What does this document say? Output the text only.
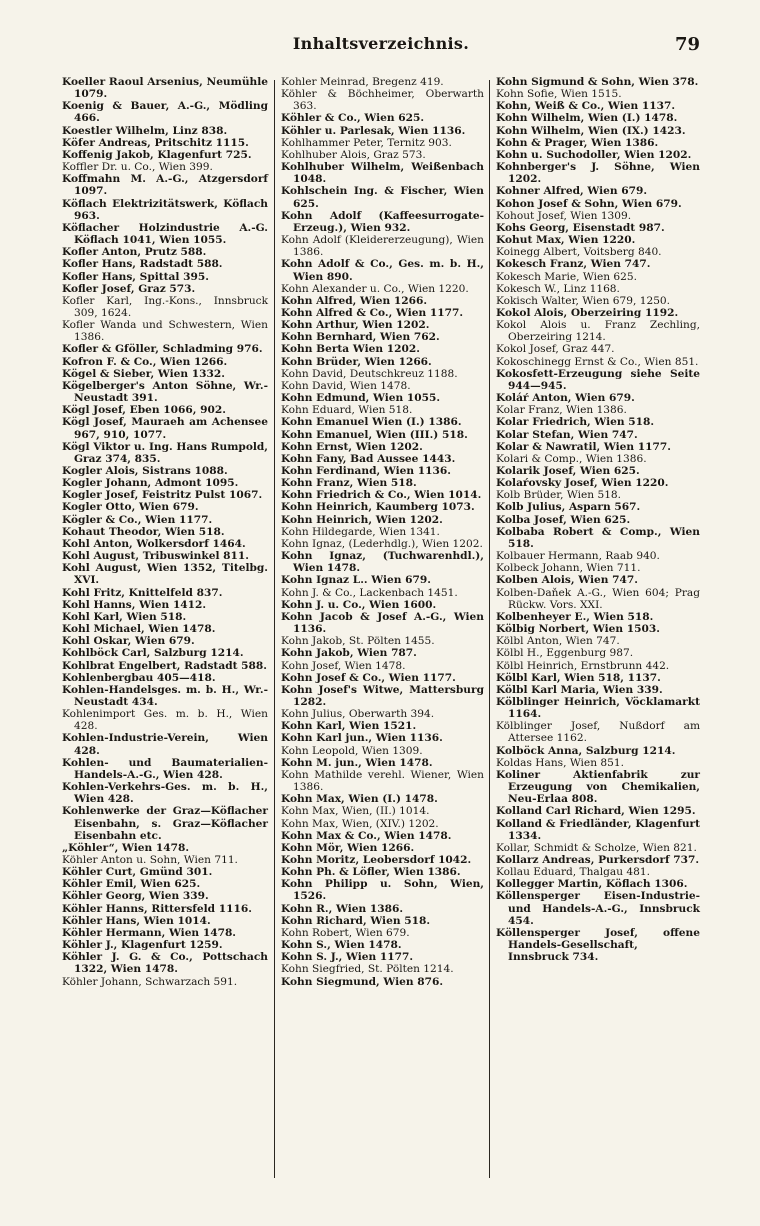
Inhaltsverzeichnis.	79

Koeller Raoul Arsenius, Neumühle 1079.

Koenig & Bauer, A.-G., Mödling 466.

Koestler Wilhelm, Linz 838.

Köfer Andreas, Pritschitz 1115.

Koffenig Jakob, Klagenfurt 725.

Koffler Dr. u. Co., Wien 399.

Koffmahn M. A.-G., Atzgersdorf 1097.

Köflach Elektrizitätswerk, Köflach 963.

Köflacher Holzindustrie A.-G. Köflach 1041, Wien 1055.

Kofler Anton, Prutz 588.

Kofler Hans, Radstadt 588.

Kofler Hans, Spittal 395.

Kofler Josef, Graz 573.

Kofler Karl, Ing.-Kons., Innsbruck 309, 1624.

Kofler Wanda und Schwestern, Wien 1386.

Kofler & Gföller, Schladming 976.

Kofron F. & Co., Wien 1266.

Kögel & Sieber, Wien 1332.

Kögelberger's Anton Söhne, Wr.-Neustadt 391.

Kögl Josef, Eben 1066, 902.

Kögl Josef, Mauraeh am Achensee 967, 910, 1077.

Kögl Viktor u. Ing. Hans Rumpold, Graz 374, 835.

Kogler Alois, Sistrans 1088.

Kogler Johann, Admont 1095.

Kogler Josef, Feistritz Pulst 1067.

Kogler Otto, Wien 679.

Kögler & Co., Wien 1177.

Kohaut Theodor, Wien 518.

Kohl Anton, Wolkersdorf 1464.

Kohl August, Tribuswinkel 811.

Kohl August, Wien 1352, Titelbg. XVI.

Kohl Fritz, Knittelfeld 837.

Kohl Hanns, Wien 1412.

Kohl Karl, Wien 518.

Kohl Michael, Wien 1478.

Kohl Oskar, Wien 679.

Kohlböck Carl, Salzburg 1214.

Kohlbrat Engelbert, Radstadt 588.

Kohlenbergbau 405—418.

Kohlen-Handelsges. m. b. H., Wr.-Neustadt 434.

Kohlenimport Ges. m. b. H., Wien 428.

Kohlen-Industrie-Verein, Wien 428.

Kohlen- und Baumaterialien-Handels-A.-G., Wien 428.

Kohlen-Verkehrs-Ges. m. b. H., Wien 428.

Kohlenwerke der Graz—Köflacher Eisenbahn, s. Graz—Köflacher Eisenbahn etc.

„Köhler“, Wien 1478.

Köhler Anton u. Sohn, Wien 711.

Köhler Curt, Gmünd 301.

Köhler Emil, Wien 625.

Köhler Georg, Wien 339.

Köhler Hanns, Rittersfeld 1116.

Köhler Hans, Wien 1014.

Köhler Hermann, Wien 1478.

Köhler J., Klagenfurt 1259.

Köhler J. G. & Co., Pottschach 1322, Wien 1478.

Köhler Johann, Schwarzach 591.

Kohler Meinrad, Bregenz 419.

Köhler & Böchheimer, Oberwarth 363.

Köhler & Co., Wien 625.

Köhler u. Parlesak, Wien 1136.

Kohlhammer Peter, Ternitz 903.

Kohlhuber Alois, Graz 573.

Kohlhuber Wilhelm, Weißenbach 1048.

Kohlschein Ing. & Fischer, Wien 625.

Kohn Adolf (Kaffeesurrogate-Erzeug.), Wien 932.

Kohn Adolf (Kleidererzeugung), Wien 1386.

Kohn Adolf & Co., Ges. m. b. H., Wien 890.

Kohn Alexander u. Co., Wien 1220.

Kohn Alfred, Wien 1266.

Kohn Alfred & Co., Wien 1177.

Kohn Arthur, Wien 1202.

Kohn Bernhard, Wien 762.

Kohn Berta Wien 1202.

Kohn Brüder, Wien 1266.

Kohn David, Deutschkreuz 1188.

Kohn David, Wien 1478.

Kohn Edmund, Wien 1055.

Kohn Eduard, Wien 518.

Kohn Emanuel Wien (I.) 1386.

Kohn Emanuel, Wien (III.) 518.

Kohn Ernst, Wien 1202.

Kohn Fany, Bad Aussee 1443.

Kohn Ferdinand, Wien 1136.

Kohn Franz, Wien 518.

Kohn Friedrich & Co., Wien 1014.

Kohn Heinrich, Kaumberg 1073.

Kohn Heinrich, Wien 1202.

Kohn Hildegarde, Wien 1341.

Kohn Ignaz, (Lederhdlg.), Wien 1202.

Kohn Ignaz, (Tuchwarenhdl.), Wien 1478.

Kohn Ignaz L.. Wien 679.

Kohn J. & Co., Lackenbach 1451.

Kohn J. u. Co., Wien 1600.

Kohn Jacob & Josef A.-G., Wien 1136.

Kohn Jakob, St. Pölten 1455.

Kohn Jakob, Wien 787.

Kohn Josef, Wien 1478.

Kohn Josef & Co., Wien 1177.

Kohn Josef's Witwe, Mattersburg 1282.

Kohn Julius, Oberwarth 394.

Kohn Karl, Wien 1521.

Kohn Karl jun., Wien 1136.

Kohn Leopold, Wien 1309.

Kohn M. jun., Wien 1478.

Kohn Mathilde verehl. Wiener, Wien 1386.

Kohn Max, Wien (I.) 1478.

Kohn Max, Wien, (II.) 1014.

Kohn Max, Wien, (XIV.) 1202.

Kohn Max & Co., Wien 1478.

Kohn Mör, Wien 1266.

Kohn Moritz, Leobersdorf 1042.

Kohn Ph. & Löfler, Wien 1386.

Kohn Philipp u. Sohn, Wien, 1526.

Kohn R., Wien 1386.

Kohn Richard, Wien 518.

Kohn Robert, Wien 679.

Kohn S., Wien 1478.

Kohn S. J., Wien 1177.

Kohn Siegfried, St. Pölten 1214.

Kohn Siegmund, Wien 876.

Kohn Sigmund & Sohn, Wien 378.

Kohn Sofie, Wien 1515.

Kohn, Weiß & Co., Wien 1137.

Kohn Wilhelm, Wien (I.) 1478.

Kohn Wilhelm, Wien (IX.) 1423.

Kohn & Prager, Wien 1386.

Kohn u. Suchodoller, Wien 1202.

Kohnberger's J. Söhne, Wien 1202.

Kohner Alfred, Wien 679.

Kohon Josef & Sohn, Wien 679.

Kohout Josef, Wien 1309.

Kohs Georg, Eisenstadt 987.

Kohut Max, Wien 1220.

Koinegg Albert, Voitsberg 840.

Kokesch Franz, Wien 747.

Kokesch Marie, Wien 625.

Kokesch W., Linz 1168.

Kokisch Walter, Wien 679, 1250.

Kokol Alois, Oberzeiring 1192.

Kokol Alois u. Franz Zechling, Oberzeiring 1214.

Kokol Josef, Graz 447.

Kokoschinegg Ernst & Co., Wien 851.

Kokosfett-Erzeugung siehe Seite 944—945.

Koláŕ Anton, Wien 679.

Kolar Franz, Wien 1386.

Kolar Friedrich, Wien 518.

Kolar Stefan, Wien 747.

Kolar & Nawratil, Wien 1177.

Kolari & Comp., Wien 1386.

Kolarik Josef, Wien 625.

Kolaŕovsky Josef, Wien 1220.

Kolb Brüder, Wien 518.

Kolb Julius, Asparn 567.

Kolba Josef, Wien 625.

Kolbaba Robert & Comp., Wien 518.

Kolbauer Hermann, Raab 940.

Kolbeck Johann, Wien 711.

Kolben Alois, Wien 747.

Kolben-Daňek A.-G., Wien 604; Prag Rückw. Vors. XXI.

Kolbenheyer E., Wien 518.

Kölbig Norbert, Wien 1503.

Kölbl Anton, Wien 747.

Kölbl H., Eggenburg 987.

Kölbl Heinrich, Ernstbrunn 442.

Kölbl Karl, Wien 518, 1137.

Kölbl Karl Maria, Wien 339.

Kölblinger Heinrich, Vöcklamarkt 1164.

Kölblinger Josef, Nußdorf am Attersee 1162.

Kolböck Anna, Salzburg 1214.

Koldas Hans, Wien 851.

Koliner Aktienfabrik zur Erzeugung von Chemikalien, Neu-Erlaa 808.

Kolland Carl Richard, Wien 1295.

Kolland & Friedländer, Klagenfurt 1334.

Kollar, Schmidt & Scholze, Wien 821.

Kollarz Andreas, Purkersdorf 737.

Kollau Eduard, Thalgau 481.

Kollegger Martin, Köflach 1306.

Köllensperger Eisen-Industrie- und Handels-A.-G., Innsbruck 454.

Köllensperger Josef, offene Handels-Gesellschaft, Innsbruck 734.
